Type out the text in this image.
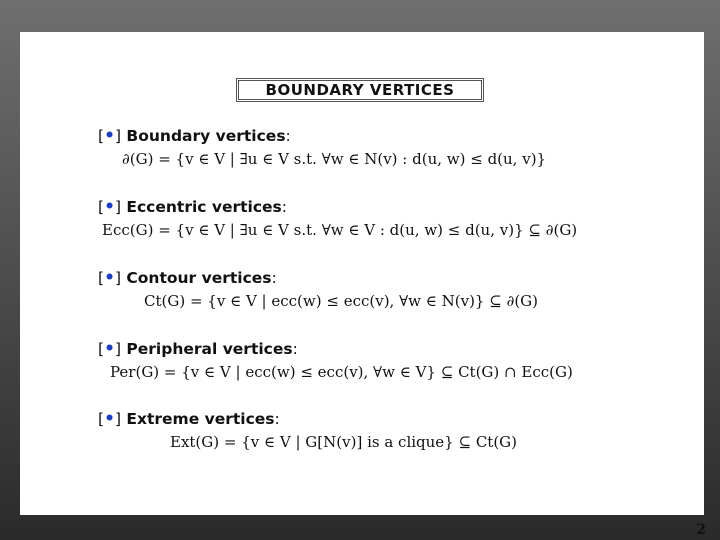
BOUNDARY VERTICES
[•] Boundary vertices:
∂(G) = {v ∈ V | ∃u ∈ V s.t. ∀w ∈ N(v) : d(u, w) ≤ d(u, v)}
[•] Eccentric vertices:
Ecc(G) = {v ∈ V | ∃u ∈ V s.t. ∀w ∈ V : d(u, w) ≤ d(u, v)} ⊆ ∂(G)
[•] Contour vertices:
Ct(G) = {v ∈ V | ecc(w) ≤ ecc(v), ∀w ∈ N(v)} ⊆ ∂(G)
[•] Peripheral vertices:
Per(G) = {v ∈ V | ecc(w) ≤ ecc(v), ∀w ∈ V} ⊆ Ct(G) ∩ Ecc(G)
[•] Extreme vertices:
Ext(G) = {v ∈ V | G[N(v)] is a clique} ⊆ Ct(G)
2
